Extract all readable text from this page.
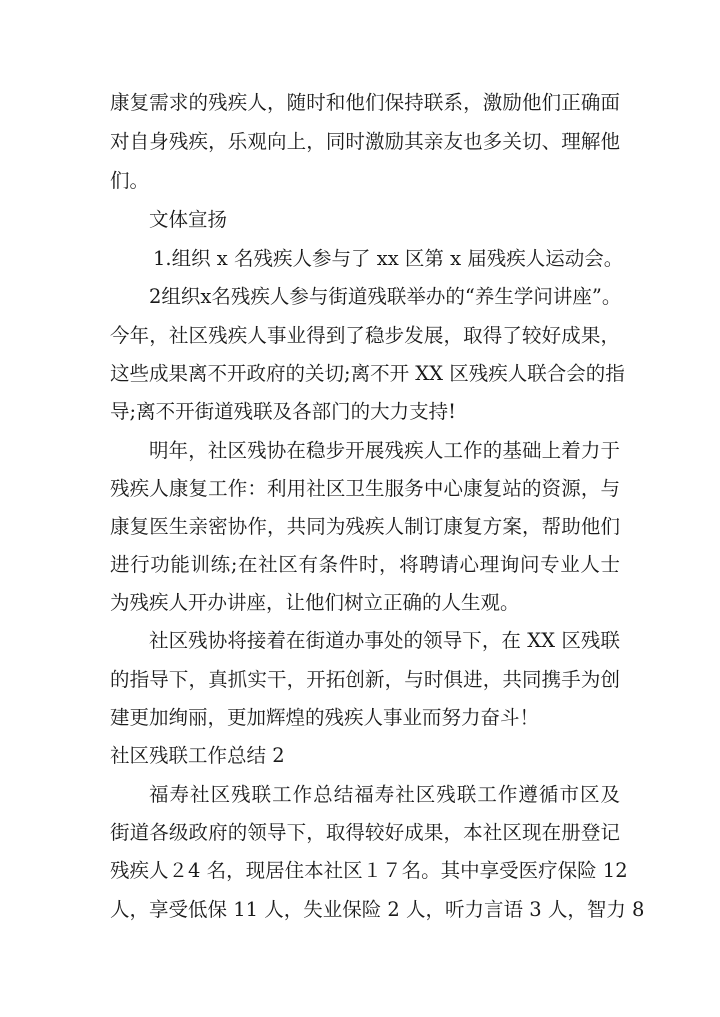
康复需求的残疾人，随时和他们保持联系，激励他们正确面
对自身残疾，乐观向上，同时激励其亲友也多关切、理解他
们。
文体宣扬
1.组织 x 名残疾人参与了 xx 区第 x 届残疾人运动会。
2组织x名残疾人参与街道残联举办的“养生学问讲座”。
今年，社区残疾人事业得到了稳步发展，取得了较好成果，
这些成果离不开政府的关切;离不开 XX 区残疾人联合会的指
导;离不开街道残联及各部门的大力支持!
明年，社区残协在稳步开展残疾人工作的基础上着力于
残疾人康复工作：利用社区卫生服务中心康复站的资源，与
康复医生亲密协作，共同为残疾人制订康复方案，帮助他们
进行功能训练;在社区有条件时，将聘请心理询问专业人士
为残疾人开办讲座，让他们树立正确的人生观。
社区残协将接着在街道办事处的领导下，在 XX 区残联
的指导下，真抓实干，开拓创新，与时俱进，共同携手为创
建更加绚丽，更加辉煌的残疾人事业而努力奋斗！
社区残联工作总结 2
福寿社区残联工作总结福寿社区残联工作遵循市区及
街道各级政府的领导下，取得较好成果，本社区现在册登记
残疾人２4 名，现居住本社区１７名。其中享受医疗保险 12
人，享受低保 11 人，失业保险 2 人，听力言语 3 人，智力 8
